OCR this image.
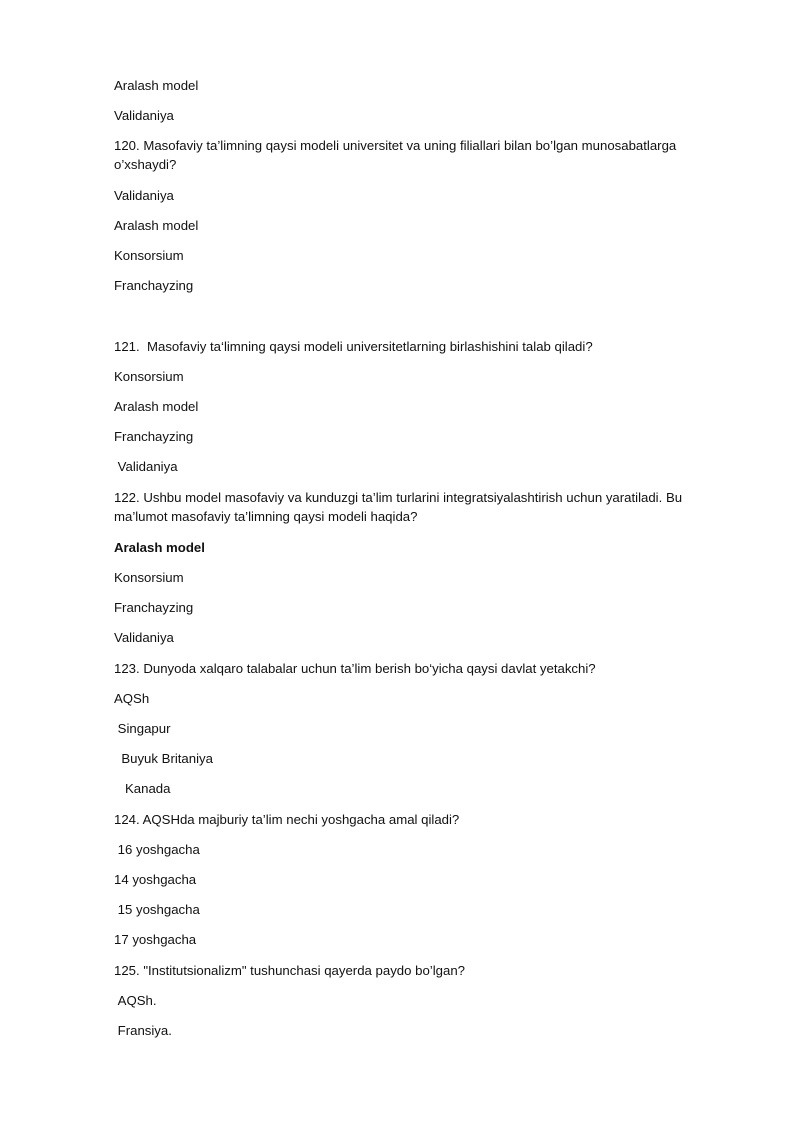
Aralash model

Validaniya

120. Masofaviy ta’limning qaysi modeli universitet va uning filiallari bilan bo’lgan munosabatlarga o’xshaydi?

Validaniya

Aralash model

Konsorsium

Franchayzing

121.  Masofaviy ta‘limning qaysi modeli universitetlarning birlashishini talab qiladi?

Konsorsium

Aralash model

Franchayzing

Validaniya

122. Ushbu model masofaviy va kunduzgi ta’lim turlarini integratsiyalashtirish uchun yaratiladi. Bu ma’lumot masofaviy ta’limning qaysi modeli haqida?

Aralash model

Konsorsium

Franchayzing

Validaniya

123. Dunyoda xalqaro talabalar uchun ta’lim berish bo‘yicha qaysi davlat yetakchi?

AQSh

Singapur

Buyuk Britaniya

Kanada

124. AQSHda majburiy ta’lim nechi yoshgacha amal qiladi?

16 yoshgacha

14 yoshgacha

15 yoshgacha

17 yoshgacha

125. "Institutsionalizm" tushunchasi qayerda paydo bo’lgan?

AQSh.

Fransiya.
